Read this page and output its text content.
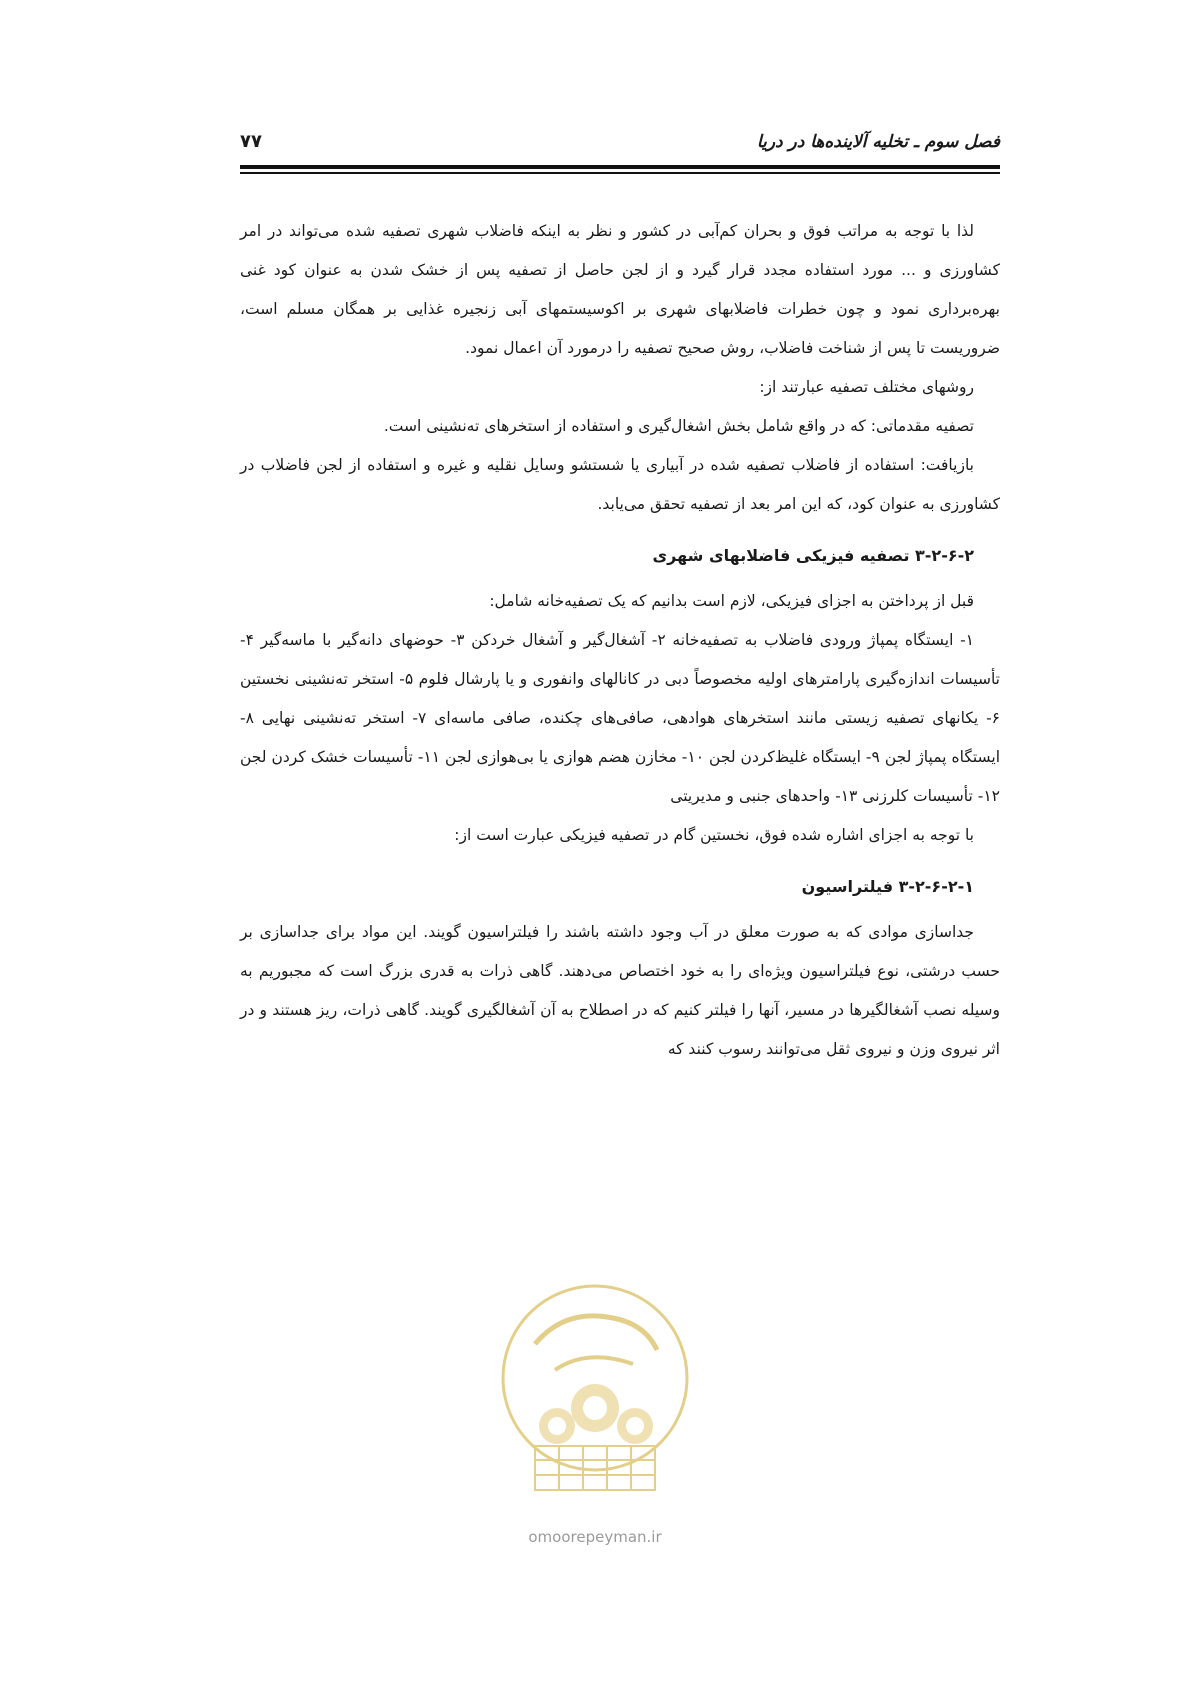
فصل سوم ـ تخلیه آلاینده‌ها در دریا
۷۷

لذا با توجه به مراتب فوق و بحران کم‌آبی در کشور و نظر به اینکه فاضلاب شهری تصفیه شده می‌تواند در امر کشاورزی و ... مورد استفاده مجدد قرار گیرد و از لجن حاصل از تصفیه پس از خشک شدن به عنوان کود غنی بهره‌برداری نمود و چون خطرات فاضلابهای شهری بر اکوسیستمهای آبی زنجیره غذایی بر همگان مسلم است، ضروریست تا پس از شناخت فاضلاب، روش صحیح تصفیه را درمورد آن اعمال نمود.

روشهای مختلف تصفیه عبارتند از:

تصفیه مقدماتی: که در واقع شامل بخش اشغال‌گیری و استفاده از استخرهای ته‌نشینی است.

بازیافت: استفاده از فاضلاب تصفیه شده در آبیاری یا شستشو وسایل نقلیه و غیره و استفاده از لجن فاضلاب در کشاورزی به عنوان کود، که این امر بعد از تصفیه تحقق می‌یابد.

۳-۲-۶-۲ تصفیه فیزیکی فاضلابهای شهری

قبل از پرداختن به اجزای فیزیکی، لازم است بدانیم که یک تصفیه‌خانه شامل:

۱- ایستگاه پمپاژ ورودی فاضلاب به تصفیه‌خانه ۲- آشغال‌گیر و آشغال خردکن ۳- حوضهای دانه‌گیر با ماسه‌گیر ۴- تأسیسات اندازه‌گیری پارامترهای اولیه مخصوصاً دبی در کانالهای وانفوری و یا پارشال فلوم ۵- استخر ته‌نشینی نخستین ۶- یکانهای تصفیه زیستی مانند استخرهای هوادهی، صافی‌های چکنده، صافی ماسه‌ای ۷- استخر ته‌نشینی نهایی ۸- ایستگاه پمپاژ لجن ۹- ایستگاه غلیظ‌کردن لجن ۱۰- مخازن هضم هوازی یا بی‌هوازی لجن ۱۱- تأسیسات خشک کردن لجن ۱۲- تأسیسات کلرزنی ۱۳- واحدهای جنبی و مدیریتی

با توجه به اجزای اشاره شده فوق، نخستین گام در تصفیه فیزیکی عبارت است از:

۳-۲-۶-۲-۱ فیلتراسیون

جداسازی موادی که به صورت معلق در آب وجود داشته باشند را فیلتراسیون گویند. این مواد برای جداسازی بر حسب درشتی، نوع فیلتراسیون ویژه‌ای را به خود اختصاص می‌دهند. گاهی ذرات به قدری بزرگ است که مجبوریم به وسیله نصب آشغالگیرها در مسیر، آنها را فیلتر کنیم که در اصطلاح به آن آشغالگیری گویند. گاهی ذرات، ریز هستند و در اثر نیروی وزن و نیروی ثقل می‌توانند رسوب کنند که

omoorepeyman.ir
